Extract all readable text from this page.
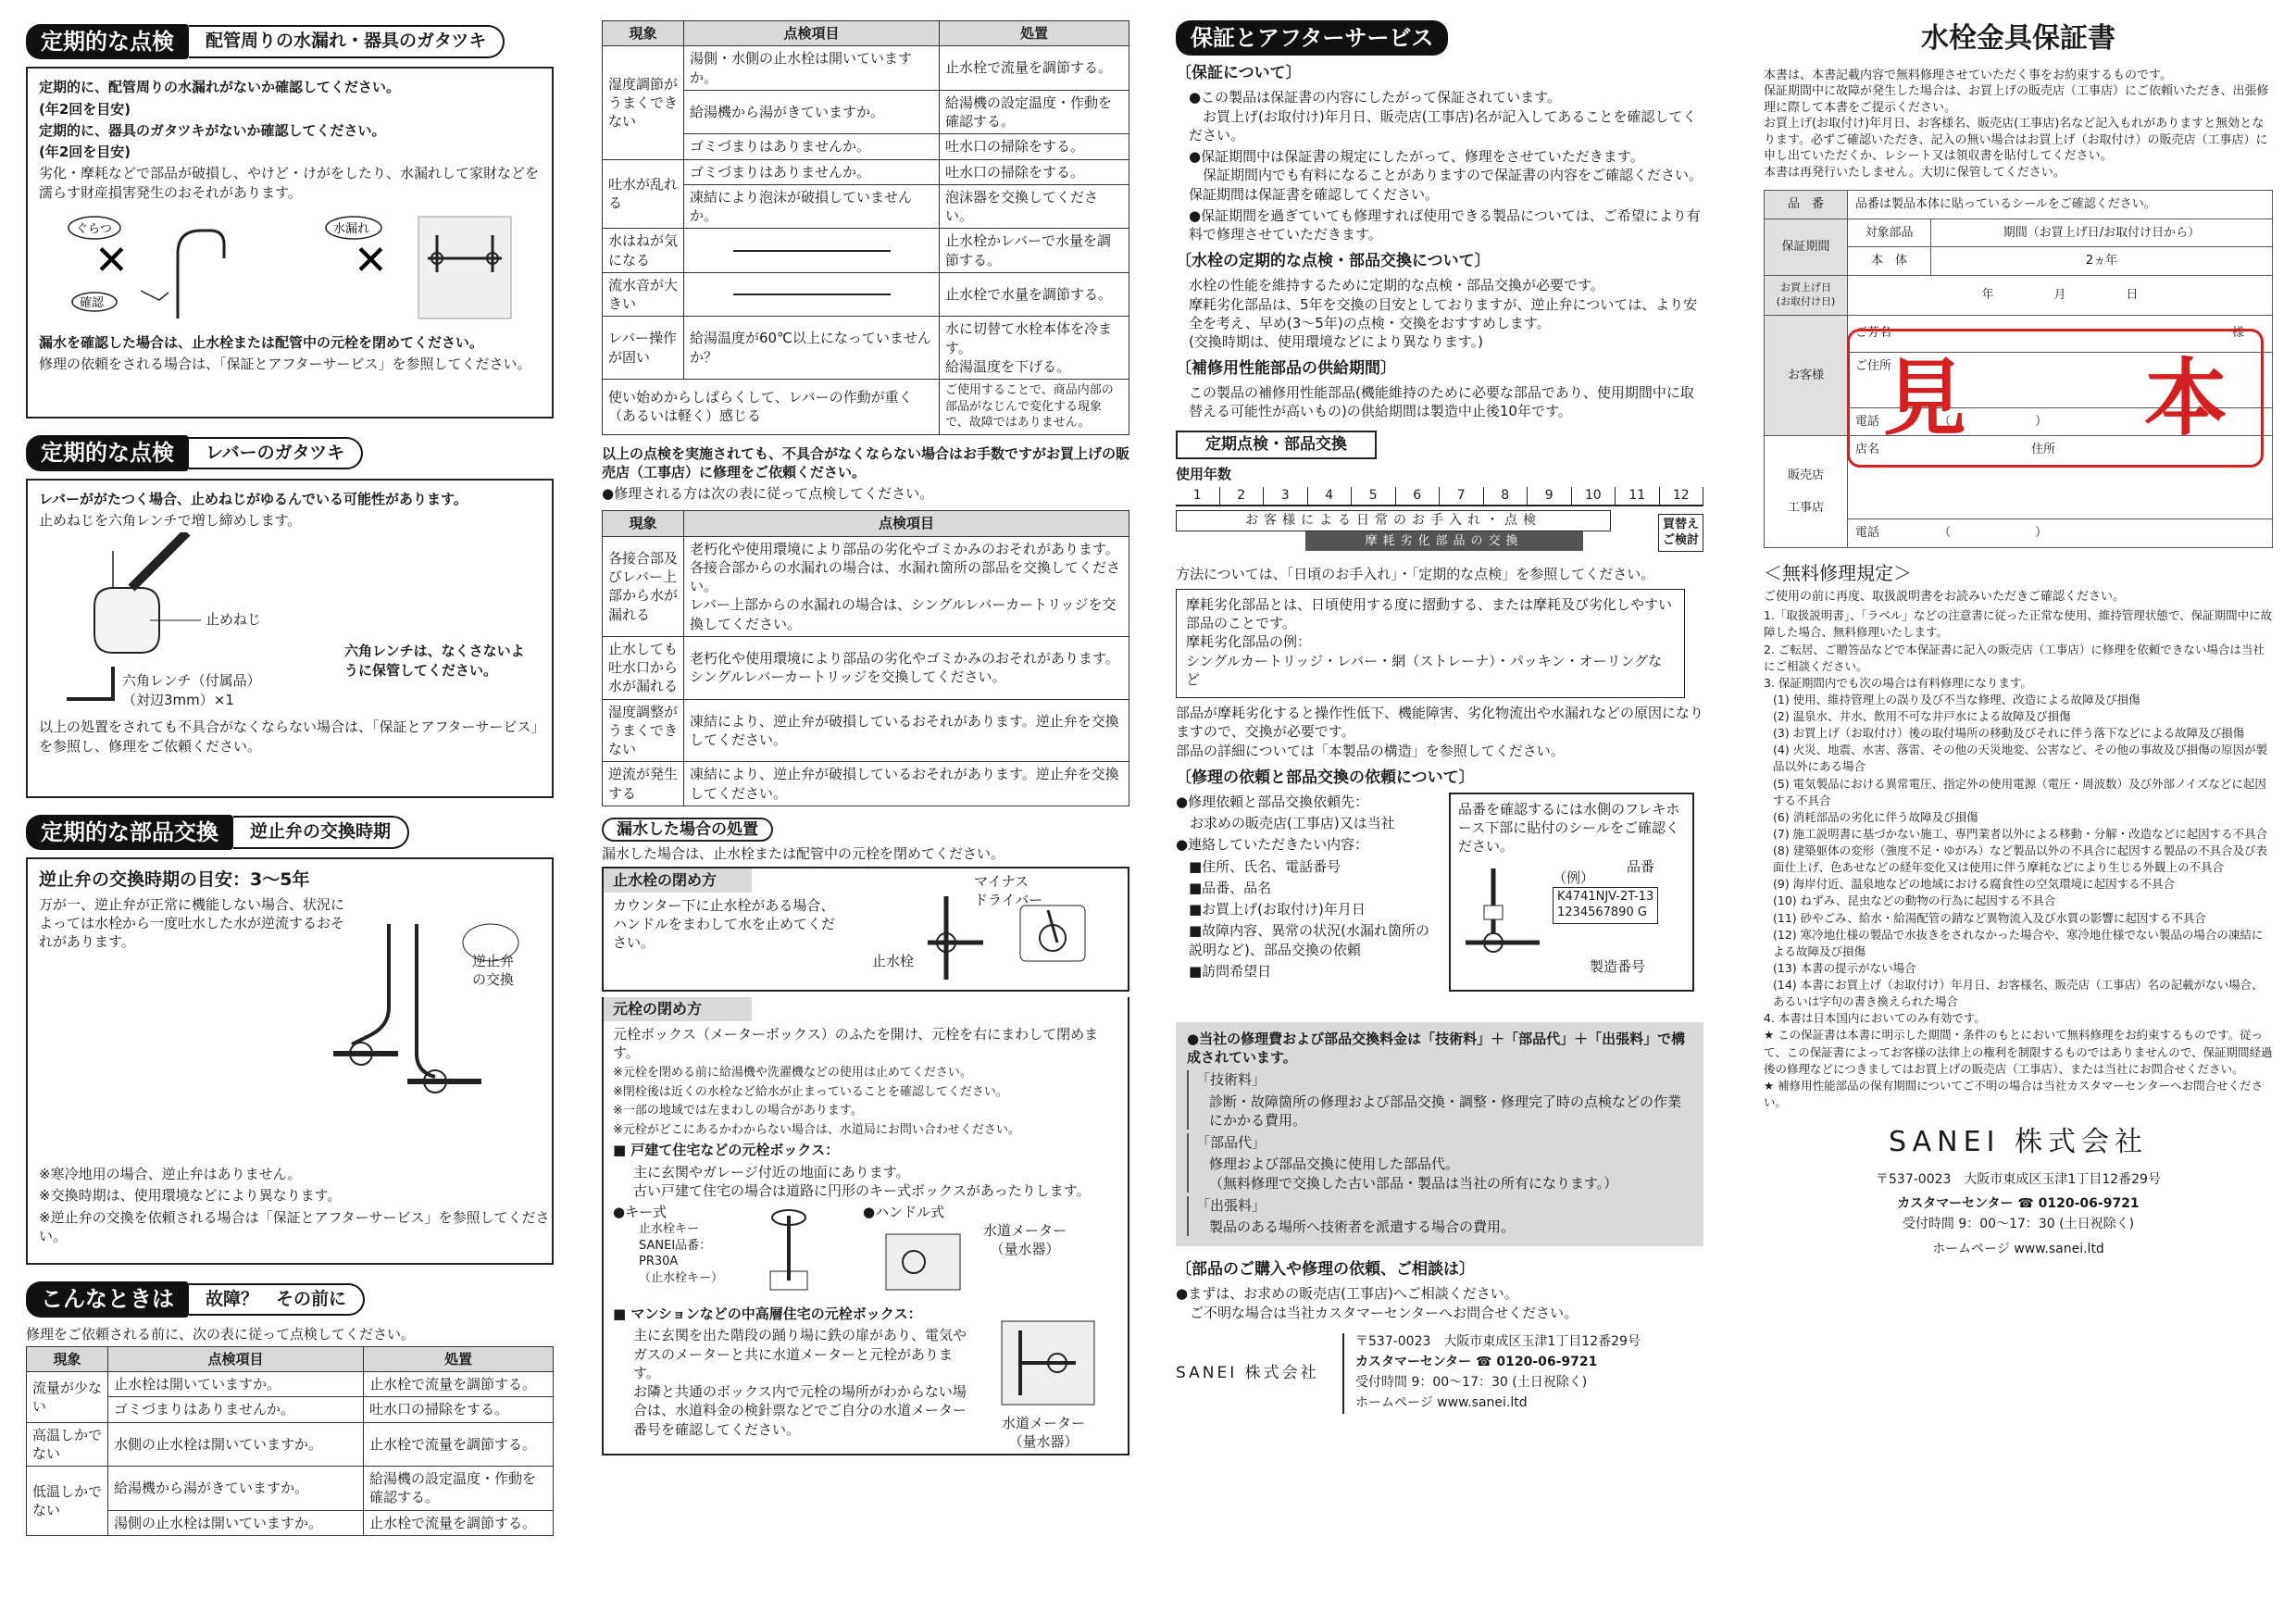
定期的な点検	配管周りの水漏れ・器具のガタツキ

定期的に、配管周りの水漏れがないか確認してください。

(年2回を目安)

定期的に、器具のガタツキがないか確認してください。

(年2回を目安)

劣化・摩耗などで部品が破損し、やけど・けがをしたり、水漏れして家財などを濡らす財産損害発生のおそれがあります。

ぐらつ
✕
確認
水漏れ
✕

漏水を確認した場合は、止水栓または配管中の元栓を閉めてください。

修理の依頼をされる場合は、「保証とアフターサービス」を参照してください。

定期的な点検	レバーのガタツキ

レバーががたつく場合、止めねじがゆるんでいる可能性があります。

止めねじを六角レンチで増し締めします。

止めねじ
六角レンチ（付属品）
（対辺3mm）×1
六角レンチは、なくさないように保管してください。

以上の処置をされても不具合がなくならない場合は、「保証とアフターサービス」を参照し、修理をご依頼ください。

定期的な部品交換	逆止弁の交換時期

逆止弁の交換時期の目安：3～5年

万が一、逆止弁が正常に機能しない場合、状況によっては水栓から一度吐水した水が逆流するおそれがあります。

逆止弁
の交換

※寒冷地用の場合、逆止弁はありません。

※交換時期は、使用環境などにより異なります。

※逆止弁の交換を依頼される場合は「保証とアフターサービス」を参照してください。

こんなときは	故障？　その前に

修理をご依頼される前に、次の表に従って点検してください。

現象	点検項目	処置
流量が少ない	止水栓は開いていますか。	止水栓で流量を調節する。
	ゴミづまりはありませんか。	吐水口の掃除をする。
高温しかでない	水側の止水栓は開いていますか。	止水栓で流量を調節する。
低温しかでない	給湯機から湯がきていますか。	給湯機の設定温度・作動を確認する。
	湯側の止水栓は開いていますか。	止水栓で流量を調節する。
現象	点検項目	処置
湿度調節がうまくできない	湯側・水側の止水栓は開いていますか。	止水栓で流量を調節する。
	給湯機から湯がきていますか。	給湯機の設定温度・作動を確認する。
	ゴミづまりはありませんか。	吐水口の掃除をする。
吐水が乱れる	ゴミづまりはありませんか。	吐水口の掃除をする。
	凍結により泡沫が破損していませんか。	泡沫器を交換してください。
水はねが気になる		止水栓かレバーで水量を調節する。
流水音が大きい		止水栓で水量を調節する。
レバー操作が固い	給湯温度が60℃以上になっていませんか？	水に切替て水栓本体を冷ます。
給湯温度を下げる。
使い始めからしばらくして、レバーの作動が重く（あるいは軽く）感じる		ご使用することで、商品内部の部品がなじんで変化する現象で、故障ではありません。

以上の点検を実施されても、不具合がなくならない場合はお手数ですがお買上げの販売店（工事店）に修理をご依頼ください。

●修理される方は次の表に従って点検してください。

現象	点検項目
各接合部及びレバー上部から水が漏れる	老朽化や使用環境により部品の劣化やゴミかみのおそれがあります。
各接合部からの水漏れの場合は、水漏れ箇所の部品を交換してください。
レバー上部からの水漏れの場合は、シングルレバーカートリッジを交換してください。
止水しても吐水口から水が漏れる	老朽化や使用環境により部品の劣化やゴミかみのおそれがあります。シングルレバーカートリッジを交換してください。
湿度調整がうまくできない	凍結により、逆止弁が破損しているおそれがあります。逆止弁を交換してください。
逆流が発生する	凍結により、逆止弁が破損しているおそれがあります。逆止弁を交換してください。
漏水した場合の処置

漏水した場合は、止水栓または配管中の元栓を閉めてください。

止水栓の閉め方

カウンター下に止水栓がある場合、ハンドルをまわして水を止めてください。

止水栓
マイナス
ドライバー
元栓の閉め方

元栓ボックス（メーターボックス）のふたを開け、元栓を右にまわして閉めます。

※元栓を閉める前に給湯機や洗濯機などの使用は止めてください。

※閉栓後は近くの水栓など給水が止まっていることを確認してください。

※一部の地域では左まわしの場合があります。

※元栓がどこにあるかわからない場合は、水道局にお問い合わせください。

■ 戸建て住宅などの元栓ボックス：

主に玄関やガレージ付近の地面にあります。
古い戸建て住宅の場合は道路に円形のキー式ボックスがあったりします。

●キー式
止水栓キー
SANEI品番：
PR30A
（止水栓キー）
●ハンドル式
水道メーター
（量水器）

■ マンションなどの中高層住宅の元栓ボックス：

主に玄関を出た階段の踊り場に鉄の扉があり、電気やガスのメーターと共に水道メーターと元栓があります。
お隣と共通のボックス内で元栓の場所がわからない場合は、水道料金の検針票などでご自分の水道メーター番号を確認してください。	水道メーター
（量水器）
保証とアフターサービス

〔保証について〕

●この製品は保証書の内容にしたがって保証されています。
　お買上げ(お取付け)年月日、販売店(工事店)名が記入してあることを確認してください。

●保証期間中は保証書の規定にしたがって、修理をさせていただきます。
　保証期間内でも有料になることがありますので保証書の内容をご確認ください。保証期間は保証書を確認してください。

●保証期間を過ぎていても修理すれば使用できる製品については、ご希望により有料で修理させていただきます。

〔水栓の定期的な点検・部品交換について〕

水栓の性能を維持するために定期的な点検・部品交換が必要です。
摩耗劣化部品は、5年を交換の目安としておりますが、逆止弁については、より安全を考え、早め(3～5年)の点検・交換をおすすめします。
(交換時期は、使用環境などにより異なります。)

〔補修用性能部品の供給期間〕

この製品の補修用性能部品(機能維持のために必要な部品であり、使用期間中に取替える可能性が高いもの)の供給期間は製造中止後10年です。

定期点検・部品交換

使用年数

1	2	3	4	5	6	7	8	9	10	11	12
お客様による日常のお手入れ・点検
摩耗劣化部品の交換
買替え
ご検討

方法については、「日頃のお手入れ」・「定期的な点検」を参照してください。

摩耗劣化部品とは、日頃使用する度に摺動する、または摩耗及び劣化しやすい部品のことです。
摩耗劣化部品の例：
シングルカートリッジ・レバー・網（ストレーナ）・パッキン・オーリングなど

部品が摩耗劣化すると操作性低下、機能障害、劣化物流出や水漏れなどの原因になりますので、交換が必要です。
部品の詳細については「本製品の構造」を参照してください。

〔修理の依頼と部品交換の依頼について〕

●修理依頼と部品交換依頼先：

　お求めの販売店(工事店)又は当社

●連絡していただきたい内容：

■住所、氏名、電話番号

■品番、品名

■お買上げ(お取付け)年月日

■故障内容、異常の状況(水漏れ箇所の説明など)、部品交換の依頼

■訪問希望日

品番を確認するには水側のフレキホース下部に貼付のシールをご確認ください。

（例）
品番
K4741NJV-2T-13
1234567890 G
製造番号

●当社の修理費および部品交換料金は「技術料」＋「部品代」＋「出張料」で構成されています。

「技術料」

診断・故障箇所の修理および部品交換・調整・修理完了時の点検などの作業にかかる費用。

「部品代」

修理および部品交換に使用した部品代。
（無料修理で交換した古い部品・製品は当社の所有になります。）

「出張料」

製品のある場所へ技術者を派遣する場合の費用。

〔部品のご購入や修理の依頼、ご相談は〕

●まずは、お求めの販売店(工事店)へご相談ください。
　ご不明な場合は当社カスタマーセンターへお問合せください。

SANEI 株式会社

〒537-0023　大阪市東成区玉津1丁目12番29号

カスタマーセンター ☎ 0120-06-9721

受付時間 9：00～17：30 (土日祝除く)

ホームページ www.sanei.ltd

水栓金具保証書

本書は、本書記載内容で無料修理させていただく事をお約束するものです。
保証期間中に故障が発生した場合は、お買上げの販売店（工事店）にご依頼いただき、出張修理に際して本書をご提示ください。
お買上げ(お取付け)年月日、お客様名、販売店(工事店)名など記入もれがありますと無効となります。必ずご確認いただき、記入の無い場合はお買上げ（お取付け）の販売店（工事店）に申し出ていただくか、レシート又は領収書を貼付してください。
本書は再発行いたしません。大切に保管してください。

品　番	品番は製品本体に貼っているシールをご確認ください。	
保証期間	対象部品	期間（お買上げ日/お取付け日から）
	本　体	2ヵ年
お買上げ日
(お取付け日)	年　　　　　月　　　　　日	
お客様	ご芳名 様	

	ご住所	
	電話 （　　　　　　　）	
販売店

工事店	店名 住所	
	電話 （　　　　　　　）	
見 本

＜無料修理規定＞

ご使用の前に再度、取扱説明書をお読みいただきご確認ください。

1.「取扱説明書」、「ラベル」などの注意書に従った正常な使用、維持管理状態で、保証期間中に故障した場合、無料修理いたします。
2. ご転居、ご贈答品などで本保証書に記入の販売店（工事店）に修理を依頼できない場合は当社にご相談ください。
3. 保証期間内でも次の場合は有料修理になります。
(1) 使用、維持管理上の誤り及び不当な修理、改造による故障及び損傷
(2) 温泉水、井水、飲用不可な井戸水による故障及び損傷
(3) お買上げ（お取付け）後の取付場所の移動及びそれに伴う落下などによる故障及び損傷
(4) 火災、地震、水害、落雷、その他の天災地変、公害など、その他の事故及び損傷の原因が製品以外にある場合
(5) 電気製品における異常電圧、指定外の使用電源（電圧・周波数）及び外部ノイズなどに起因する不具合
(6) 消耗部品の劣化に伴う故障及び損傷
(7) 施工説明書に基づかない施工、専門業者以外による移動・分解・改造などに起因する不具合
(8) 建築躯体の変形（強度不足・ゆがみ）など製品以外の不具合に起因する製品の不具合及び表面仕上げ、色あせなどの経年変化又は使用に伴う摩耗などにより生じる外観上の不具合
(9) 海岸付近、温泉地などの地域における腐食性の空気環境に起因する不具合
(10) ねずみ、昆虫などの動物の行為に起因する不具合
(11) 砂やごみ、給水・給湯配管の錆など異物流入及び水質の影響に起因する不具合
(12) 寒冷地仕様の製品で水抜きをされなかった場合や、寒冷地仕様でない製品の場合の凍結による故障及び損傷
(13) 本書の提示がない場合
(14) 本書にお買上げ（お取付け）年月日、お客様名、販売店（工事店）名の記載がない場合、あるいは字句の書き換えられた場合
4. 本書は日本国内においてのみ有効です。
★ この保証書は本書に明示した期間・条件のもとにおいて無料修理をお約束するものです。従って、この保証書によってお客様の法律上の権利を制限するものではありませんので、保証期間経過後の修理などにつきましてはお買上げの販売店（工事店）、または当社にお問合せください。
★ 補修用性能部品の保有期間についてご不明の場合は当社カスタマーセンターへお問合せください。

SANEI 株式会社

〒537-0023　大阪市東成区玉津1丁目12番29号

カスタマーセンター ☎ 0120-06-9721

受付時間 9：00～17：30 (土日祝除く)

ホームページ www.sanei.ltd
